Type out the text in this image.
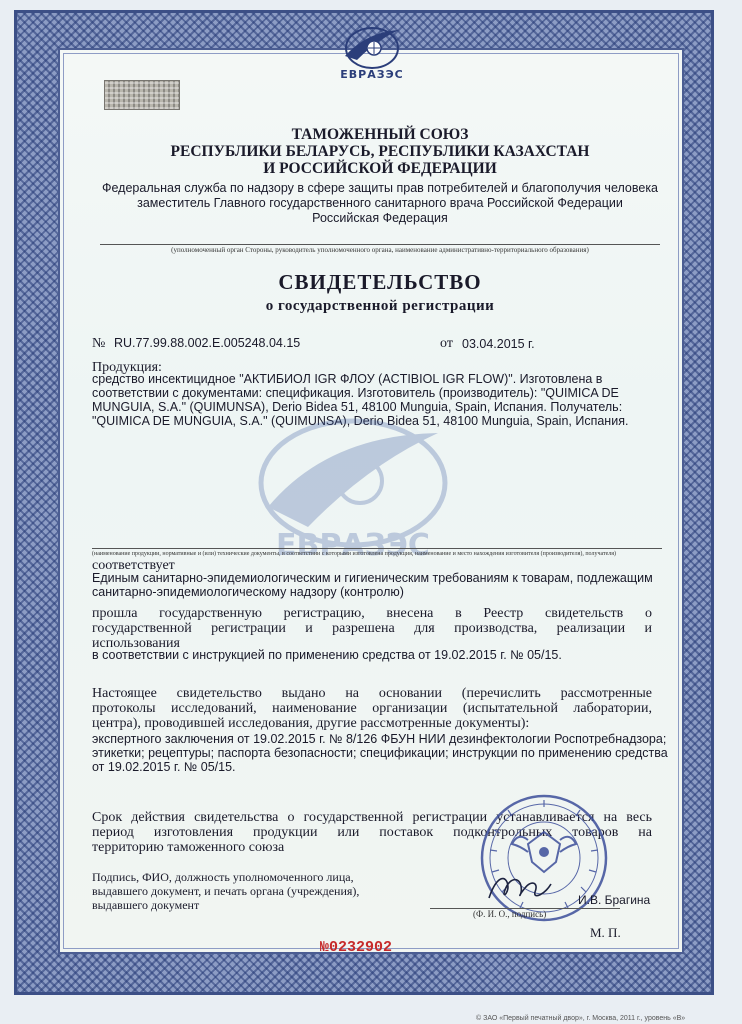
ЕВРАЗЭС

ТАМОЖЕННЫЙ СОЮЗ

РЕСПУБЛИКИ БЕЛАРУСЬ, РЕСПУБЛИКИ КАЗАХСТАН

И РОССИЙСКОЙ ФЕДЕРАЦИИ

Федеральная служба по надзору в сфере защиты прав потребителей и благополучия человека

заместитель Главного государственного санитарного врача Российской Федерации

Российская Федерация

(уполномоченный орган Стороны, руководитель уполномоченного органа, наименование административно-территориального образования)

СВИДЕТЕЛЬСТВО

о государственной регистрации

№ RU.77.99.88.002.E.005248.04.15	от 03.04.2015 г.

Продукция:

средство инсектицидное "АКТИБИОЛ IGR ФЛОУ (ACTIBIOL IGR FLOW)". Изготовлена в

соответствии с документами: спецификация. Изготовитель (производитель): "QUIMICA DE

MUNGUIA, S.A." (QUIMUNSA), Derio Bidea 51, 48100 Munguia, Spain, Испания. Получатель:

"QUIMICA DE MUNGUIA, S.A." (QUIMUNSA), Derio Bidea 51, 48100 Munguia, Spain, Испания.

ЕВРАЗЭС

(наименование продукции, нормативные и (или) технические документы, в соответствии с которыми изготовлена продукция, наименование и место нахождения изготовителя (производителя), получателя)

соответствует

Единым санитарно-эпидемиологическим и гигиеническим требованиям к товарам, подлежащим

санитарно-эпидемиологическому надзору (контролю)

прошла государственную регистрацию, внесена в Реестр свидетельств о

государственной регистрации и разрешена для производства, реализации и

использования

в соответствии с инструкцией по применению средства от 19.02.2015 г. № 05/15.

Настоящее свидетельство выдано на основании (перечислить рассмотренные

протоколы исследований, наименование организации (испытательной лаборатории,

центра), проводившей исследования, другие рассмотренные документы):

экспертного заключения от 19.02.2015 г. № 8/126 ФБУН НИИ дезинфектологии Роспотребнадзора;

этикетки; рецептуры; паспорта безопасности; спецификации; инструкции по применению средства

от 19.02.2015 г. № 05/15.

Срок действия свидетельства о государственной регистрации устанавливается на весь

период изготовления продукции или поставок подконтрольных товаров на

территорию таможенного союза

Подпись, ФИО, должность уполномоченного лица,

выдавшего документ, и печать органа (учреждения),

выдавшего документ	И.В. Брагина

(Ф. И. О., подпись)

№0232902

М. П.

© ЗАО «Первый печатный двор», г. Москва, 2011 г., уровень «В»
